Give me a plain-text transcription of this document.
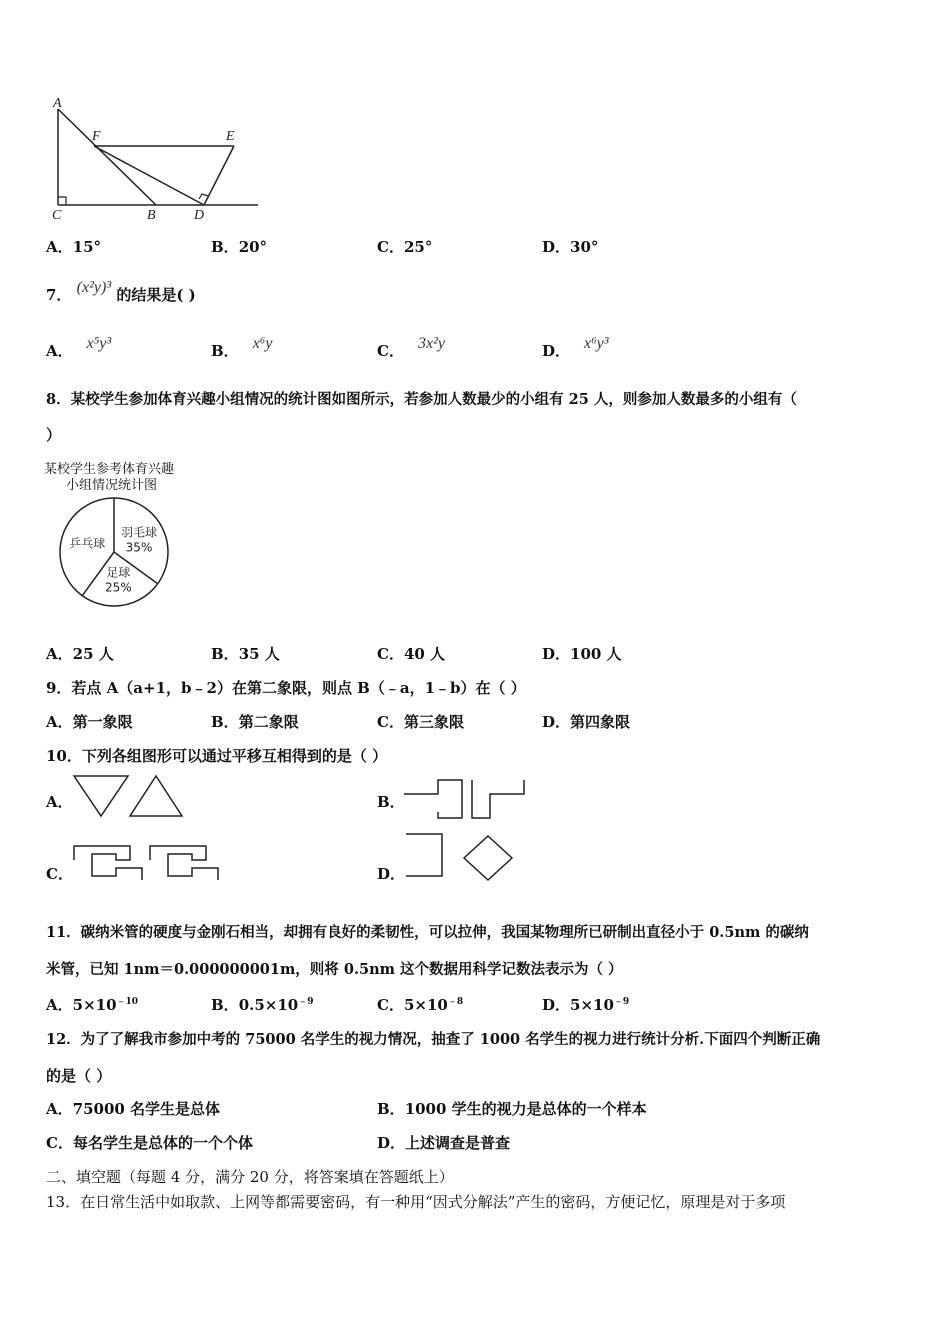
A
F	E
C	B	D
A．15°	B．20°	C．25°	D．30°
7． (x²y)³ 的结果是( )
A． x⁵y³	B． x⁶y	C． 3x²y	D． x⁶y³
8．某校学生参加体育兴趣小组情况的统计图如图所示，若参加人数最少的小组有 25 人，则参加人数最多的小组有（
）
某校学生参考体育兴趣
小组情况统计图
羽毛球
35%
足球
25%
乒乓球
A．25 人	B．35 人	C．40 人	D．100 人
9．若点 A（a+1，b﹣2）在第二象限，则点 B（﹣a，1﹣b）在（ ）
A．第一象限	B．第二象限	C．第三象限	D．第四象限
10．下列各组图形可以通过平移互相得到的是（ ）
A．	B．
C．	D．
11．碳纳米管的硬度与金刚石相当，却拥有良好的柔韧性，可以拉伸，我国某物理所已研制出直径小于 0.5nm 的碳纳
米管，已知 1nm＝0.000000001m，则将 0.5nm 这个数据用科学记数法表示为（ ）
A．$5\times 10^{﹣10}$	B．$0.5\times 10^{﹣9}$	C．$5\times 10^{﹣8}$	D．$5\times 10^{﹣9}$
12．为了了解我市参加中考的 75000 名学生的视力情况，抽查了 1000 名学生的视力进行统计分析.下面四个判断正确
的是（ ）
A．75000 名学生是总体	B．1000 学生的视力是总体的一个样本
C．每名学生是总体的一个个体	D．上述调查是普查
二、填空题（每题 4 分，满分 20 分，将答案填在答题纸上）
13．在日常生活中如取款、上网等都需要密码，有一种用“因式分解法”产生的密码，方便记忆，原理是对于多项
